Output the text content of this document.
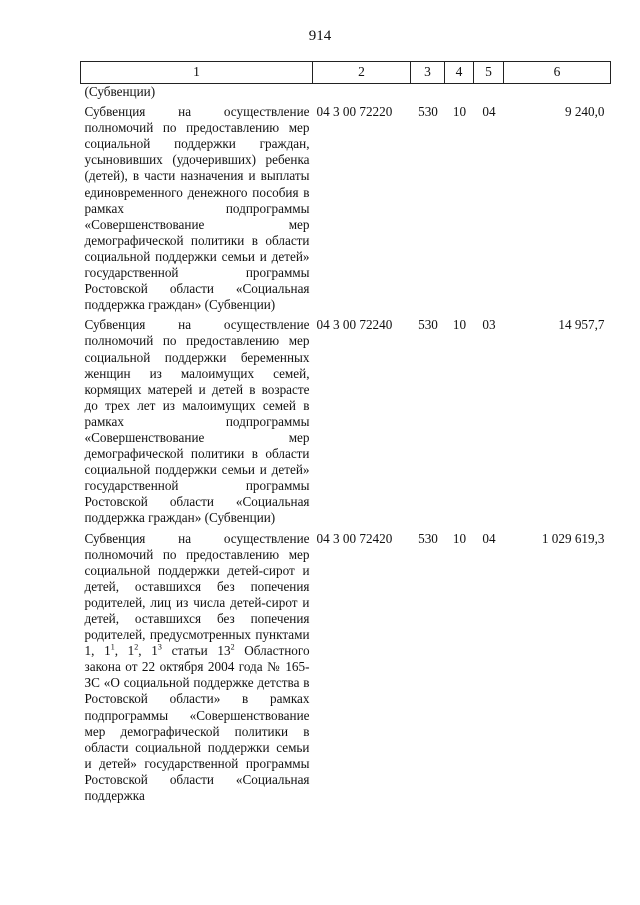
914
1	2	3	4	5	6
(Субвенции)					

Субвенция на осуществление полномочий по предоставлению мер социальной поддержки граждан, усыновивших (удочеривших) ребенка (детей), в части назначения и выплаты единовременного денежного пособия в рамках подпрограммы «Совершенствование мер демографической политики в области социальной поддержки семьи и детей» государственной программы Ростовской области «Социальная поддержка граждан» (Субвенции)	04 3 00 72220	530	10	04	9 240,0

Субвенция на осуществление полномочий по предоставлению мер социальной поддержки беременных женщин из малоимущих семей, кормящих матерей и детей в возрасте до трех лет из малоимущих семей в рамках подпрограммы «Совершенствование мер демографической политики в области социальной поддержки семьи и детей» государственной программы Ростовской области «Социальная поддержка граждан» (Субвенции)	04 3 00 72240	530	10	03	14 957,7

Субвенция на осуществление полномочий по предоставлению мер социальной поддержки детей-сирот и детей, оставшихся без попечения родителей, лиц из числа детей-сирот и детей, оставшихся без попечения родителей, предусмотренных пунктами 1, $1^1$, $1^2$, $1^3$ статьи $13^2$ Областного закона от 22 октября 2004 года № 165-ЗС «О социальной поддержке детства в Ростовской области» в рамках подпрограммы «Совершенствование мер демографической политики в области социальной поддержки семьи и детей» государственной программы Ростовской области «Социальная поддержка	04 3 00 72420	530	10	04	1 029 619,3
